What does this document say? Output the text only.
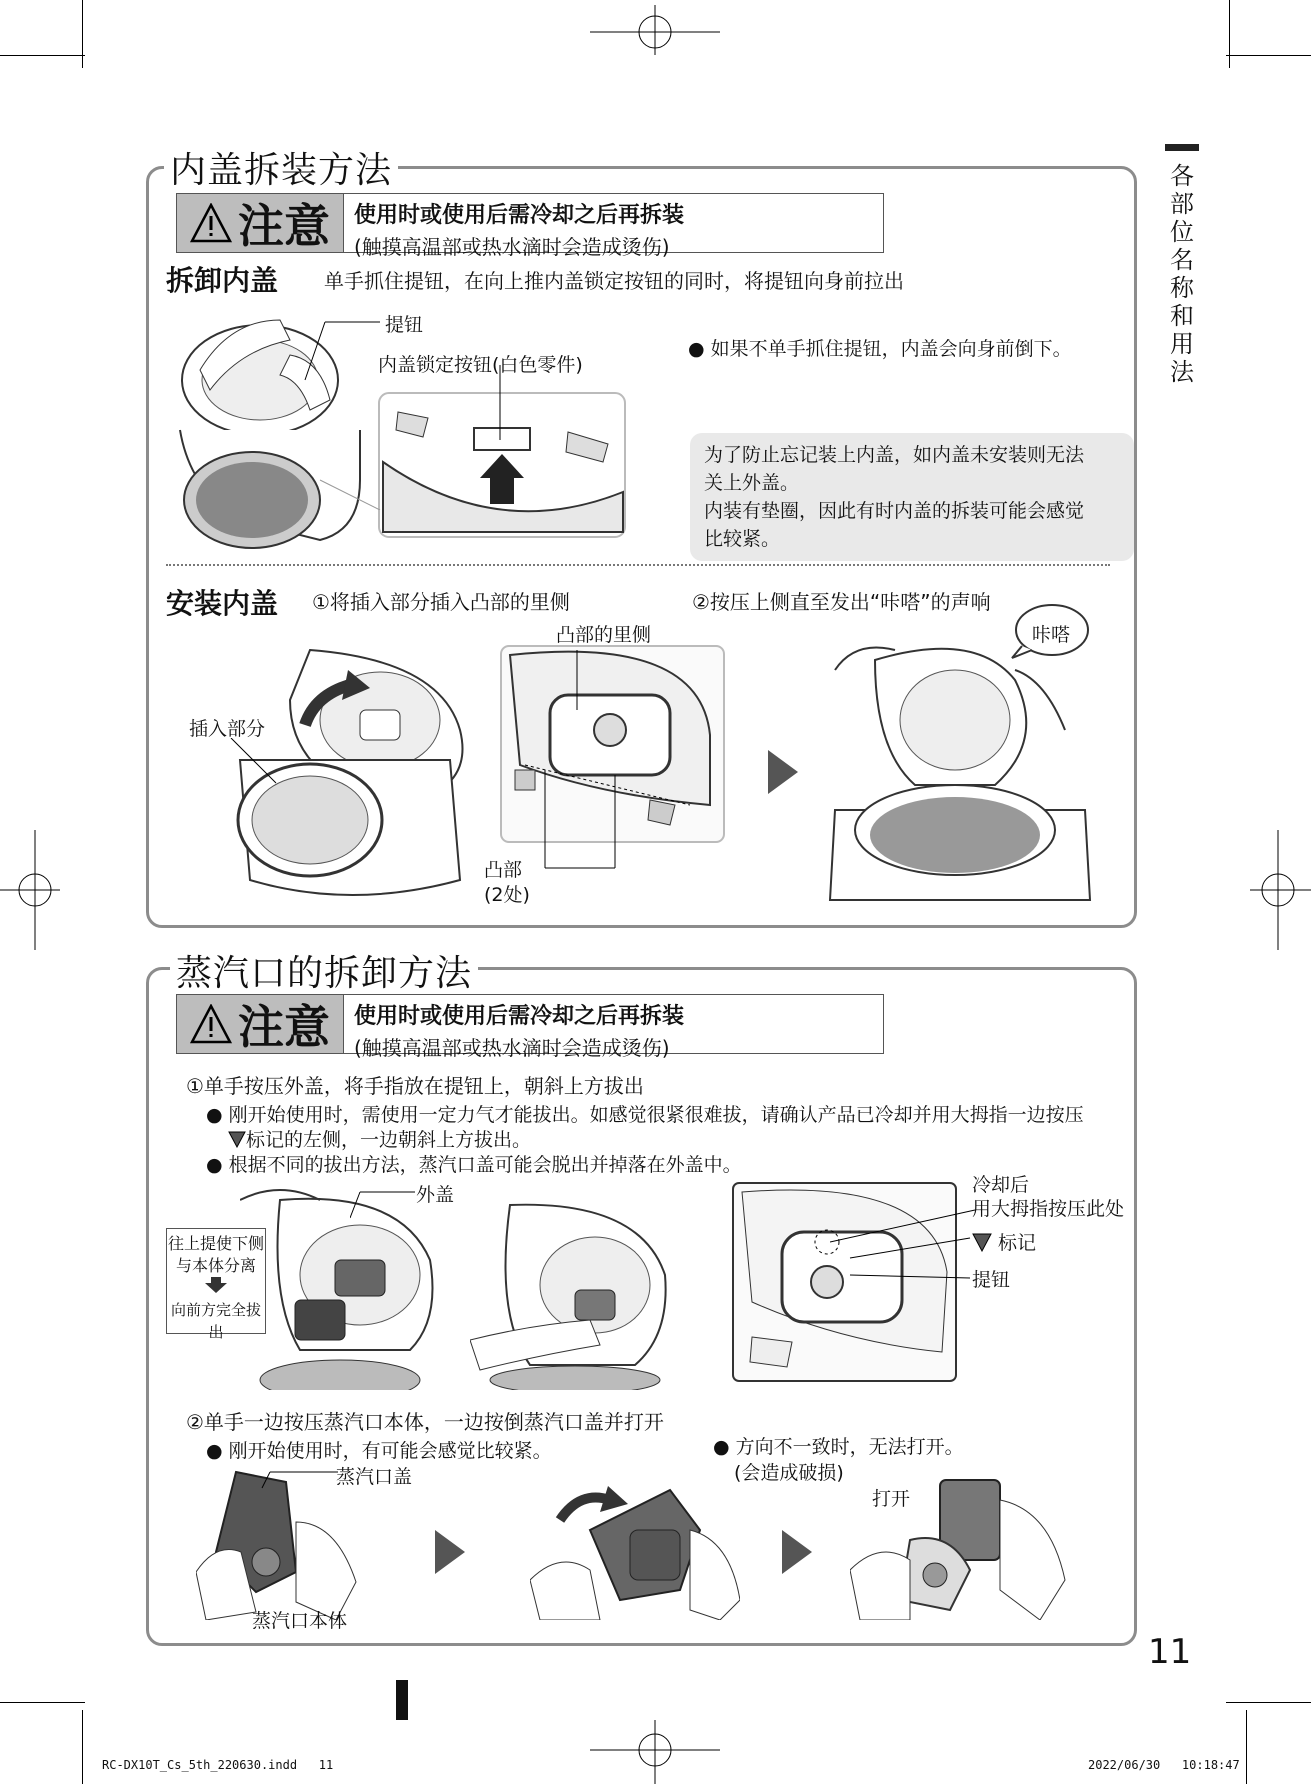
各部位名称和用法
内盖拆装方法
注意 使用时或使用后需冷却之后再拆装
(触摸高温部或热水滴时会造成烫伤)
拆卸内盖 单手抓住提钮，在向上推内盖锁定按钮的同时，将提钮向身前拉出
提钮
内盖锁定按钮(白色零件)
● 如果不单手抓住提钮，内盖会向身前倒下。
为了防止忘记装上内盖，如内盖未安装则无法
关上外盖。
内装有垫圈，因此有时内盖的拆装可能会感觉
比较紧。
安装内盖 ①将插入部分插入凸部的里侧	②按压上侧直至发出“咔嗒”的声响
插入部分
凸部的里侧
凸部
(2处)
咔嗒
蒸汽口的拆卸方法
注意 使用时或使用后需冷却之后再拆装
(触摸高温部或热水滴时会造成烫伤)
①单手按压外盖，将手指放在提钮上，朝斜上方拔出
● 刚开始使用时，需使用一定力气才能拔出。如感觉很紧很难拔，请确认产品已冷却并用大拇指一边按压
标记的左侧，一边朝斜上方拔出。
● 根据不同的拔出方法，蒸汽口盖可能会脱出并掉落在外盖中。
外盖
往上提使下侧
与本体分离
向前方完全拔出
冷却后
用大拇指按压此处
标记
提钮
②单手一边按压蒸汽口本体，一边按倒蒸汽口盖并打开
● 刚开始使用时，有可能会感觉比较紧。
●	方向不一致时，无法打开。
(会造成破损)
蒸汽口盖
蒸汽口本体
打开
11
RC-DX10T_Cs_5th_220630.indd   11	2022/06/30   10:18:47
